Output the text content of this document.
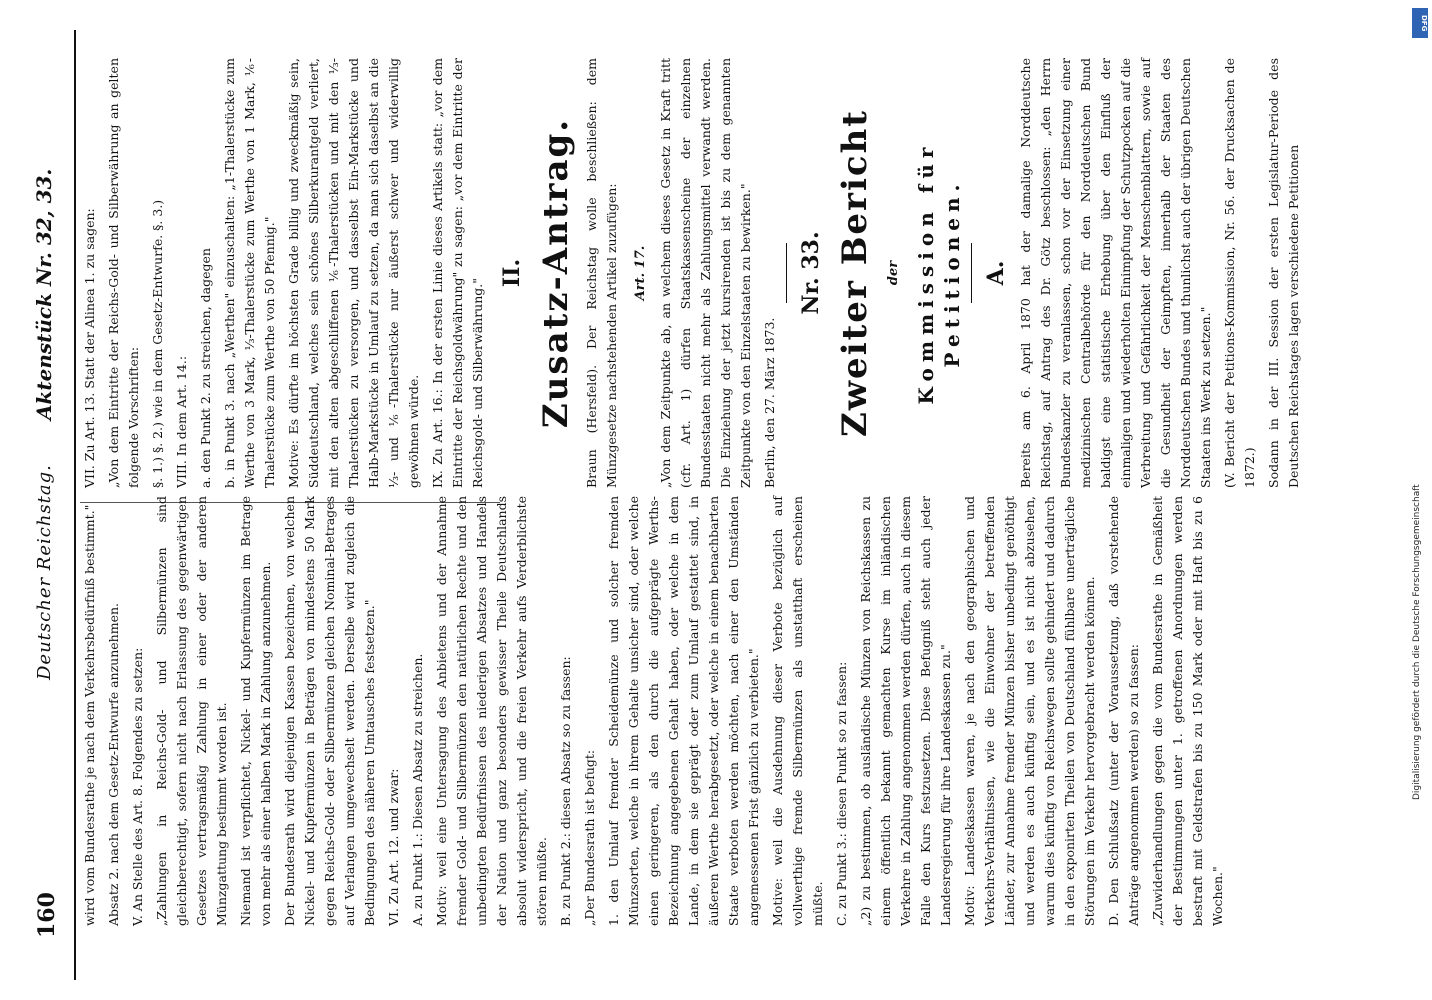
160
Deutscher Reichstag.
Aktenstück Nr. 32, 33.

wird vom Bundesrathe je nach dem Verkehrsbedürfniß bestimmt." Absatz 2. nach dem Gesetz-Entwurfe anzunehmen. V. An Stelle des Art. 8. Folgendes zu setzen: „Zahlungen in Reichs-Gold- und Silbermünzen sind gleichberechtigt, sofern nicht nach Erlassung des gegenwärtigen Gesetzes vertragsmäßig Zahlung in einer oder der anderen Münzgattung bestimmt worden ist. Niemand ist verpflichtet, Nickel- und Kupfermünzen im Betrage von mehr als einer halben Mark in Zahlung anzunehmen. Der Bundesrath wird diejenigen Kassen bezeichnen, von welchen Nickel- und Kupfermünzen in Beträgen von mindestens 50 Mark gegen Reichs-Gold- oder Silbermünzen gleichen Nominal-Betrages auf Verlangen umgewechselt werden. Derselbe wird zugleich die Bedingungen des näheren Umtausches festsetzen." VI. Zu Art. 12. und zwar: A. zu Punkt 1.: Diesen Absatz zu streichen. Motiv: weil eine Untersagung des Anbietens und der Annahme fremder Gold- und Silbermünzen den natürlichen Rechte und den unbedingten Bedürfnissen des niederigen Absatzes und Handels der Nation und ganz besonders gewisser Theile Deutschlands absolut widerspricht, und die freien Verkehr aufs Verderblichste stören müßte. B. zu Punkt 2.: diesen Absatz so zu fassen: „Der Bundesrath ist befugt: 1. den Umlauf fremder Scheidemünze und solcher fremden Münzsorten, welche in ihrem Gehalte unsicher sind, oder welche einen geringeren, als den durch die aufgeprägte Werths-Bezeichnung angegebenen Gehalt haben, oder welche in dem Lande, in dem sie geprägt oder zum Umlauf gestattet sind, in äußeren Werthe herabgesetzt, oder welche in einem benachbarten Staate verboten werden möchten, nach einer den Umständen angemessenen Frist gänzlich zu verbieten." Motive: weil die Ausdehnung dieser Verbote bezüglich auf vollwerthige fremde Silbermünzen als unstatthaft erscheinen müßte. C. zu Punkt 3.: diesen Punkt so zu fassen: „2) zu bestimmen, ob ausländische Münzen von Reichskassen zu einem öffentlich bekannt gemachten Kurse im inländischen Verkehre in Zahlung angenommen werden dürfen, auch in diesem Falle den Kurs festzusetzen. Diese Befugniß steht auch jeder Landesregierung für ihre Landeskassen zu." Motiv: Landeskassen waren, je nach den geographischen und Verkehrs-Verhältnissen, wie die Einwohner der betreffenden Länder, zur Annahme fremder Münzen bisher unbedingt genöthigt und werden es auch künftig sein, und es ist nicht abzusehen, warum dies künftig von Reichswegen sollte gehindert und dadurch in den exponirten Theilen von Deutschland fühlbare unerträgliche Störungen im Verkehr hervorgebracht werden können. D. Den Schlußsatz (unter der Voraussetzung, daß vorstehende Anträge angenommen werden) so zu fassen: „Zuwiderhandlungen gegen die vom Bundesrathe in Gemäßheit der Bestimmungen unter 1. getroffenen Anordnungen werden bestraft mit Geldstrafen bis zu 150 Mark oder mit Haft bis zu 6 Wochen."

VII. Zu Art. 13. Statt der Alinea 1. zu sagen: „Von dem Eintritte der Reichs-Gold- und Silberwährung an gelten folgende Vorschriften: §. 1.) §. 2.) wie in dem Gesetz-Entwurfe. §. 3.) VIII. In dem Art. 14.: a. den Punkt 2. zu streichen, dagegen b. in Punkt 3. nach „Werthen" einzuschalten: „1-Thalerstücke zum Werthe von 3 Mark, ⅓-Thalerstücke zum Werthe von 1 Mark, ⅙-Thalerstücke zum Werthe von 50 Pfennig." Motive: Es dürfte im höchsten Grade billig und zweckmäßig sein, Süddeutschland, welches sein schönes Silberkurantgeld verliert, mit den alten abgeschliffenen ⅙-Thalerstücken und mit den ⅓-Thalerstücken zu versorgen, und dasselbst Ein-Markstücke und Halb-Markstücke in Umlauf zu setzen, da man sich daselbst an die ⅓- und ⅙-Thalerstücke nur äußerst schwer und widerwillig gewöhnen würde. IX. Zu Art. 16.: In der ersten Linie dieses Artikels statt: „vor dem Eintritte der Reichsgoldwährung" zu sagen: „vor dem Eintritte der Reichsgold- und Silberwährung."

II. Zusatz-Antrag. Braun (Hersfeld). Der Reichstag wolle beschließen: dem Münzgesetze nachstehenden Artikel zuzufügen: Art. 17. „Von dem Zeitpunkte ab, an welchem dieses Gesetz in Kraft tritt (cfr. Art. 1) dürfen Staatskassenscheine der einzelnen Bundesstaaten nicht mehr als Zahlungsmittel verwandt werden. Die Einziehung der jetzt kursirenden ist bis zu dem genannten Zeitpunkte von den Einzelstaaten zu bewirken." Berlin, den 27. März 1873.

Nr. 33. Zweiter Bericht der Kommission für Petitionen. A. Bereits am 6. April 1870 hat der damalige Norddeutsche Reichstag, auf Antrag des Dr. Götz beschlossen: „den Herrn Bundeskanzler zu veranlassen, schon vor der Einsetzung einer medizinischen Centralbehörde für den Norddeutschen Bund baldigst eine statistische Erhebung über den Einfluß der einmaligen und wiederholten Einimpfung der Schutzpocken auf die Verbreitung und Gefährlichkeit der Menschenblattern, sowie auf die Gesundheit der Geimpften, innerhalb der Staaten des Norddeutschen Bundes und thunlichst auch der übrigen Deutschen Staaten ins Werk zu setzen." (V. Bericht der Petitions-Kommission, Nr. 56. der Drucksachen de 1872.) Sodann in der III. Session der ersten Legislatur-Periode des Deutschen Reichstages lagen verschiedene Petitionen

DFG
Digitalisierung gefördert durch die Deutsche Forschungsgemeinschaft
